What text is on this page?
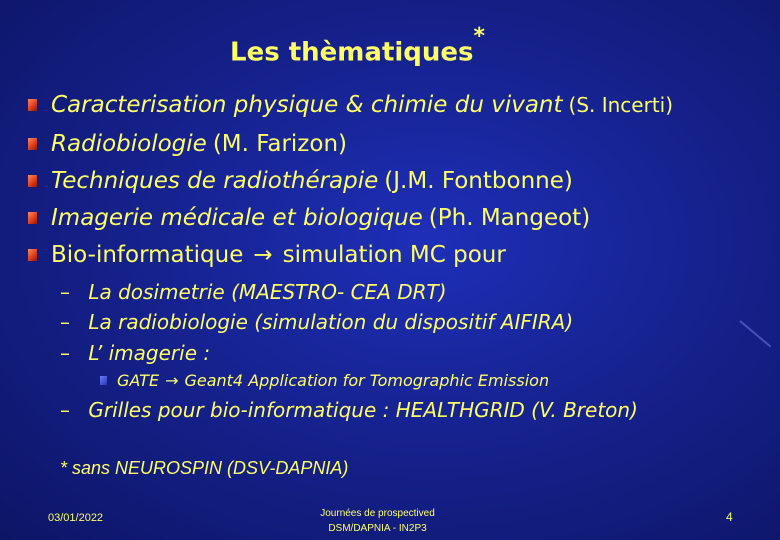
Les thèmatiques*
Caracterisation physique & chimie du vivant (S. Incerti)
Radiobiologie (M. Farizon)
Techniques de radiothérapie (J.M. Fontbonne)
Imagerie médicale et biologique (Ph. Mangeot)
Bio-informatique → simulation MC pour
– La dosimetrie (MAESTRO- CEA DRT)
– La radiobiologie (simulation du dispositif AIFIRA)
– L’ imagerie :
GATE → Geant4 Application for Tomographic Emission
– Grilles pour bio-informatique : HEALTHGRID (V. Breton)
* sans NEUROSPIN (DSV-DAPNIA)
03/01/2022	Journées de prospectived
DSM/DAPNIA - IN2P3
4
